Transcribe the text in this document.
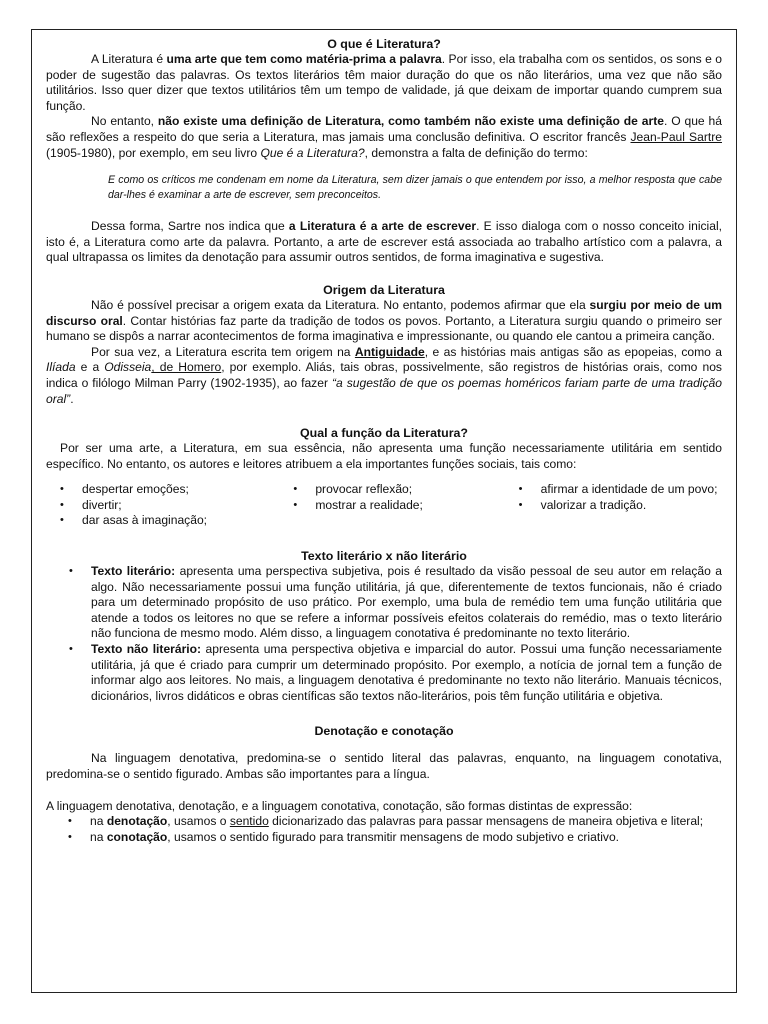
O que é Literatura?

A Literatura é uma arte que tem como matéria-prima a palavra. Por isso, ela trabalha com os sentidos, os sons e o poder de sugestão das palavras. Os textos literários têm maior duração do que os não literários, uma vez que não são utilitários. Isso quer dizer que textos utilitários têm um tempo de validade, já que deixam de importar quando cumprem sua função.

No entanto, não existe uma definição de Literatura, como também não existe uma definição de arte. O que há são reflexões a respeito do que seria a Literatura, mas jamais uma conclusão definitiva. O escritor francês Jean-Paul Sartre (1905-1980), por exemplo, em seu livro Que é a Literatura?, demonstra a falta de definição do termo:

E como os críticos me condenam em nome da Literatura, sem dizer jamais o que entendem por isso, a melhor resposta que cabe dar-lhes é examinar a arte de escrever, sem preconceitos.

Dessa forma, Sartre nos indica que a Literatura é a arte de escrever. E isso dialoga com o nosso conceito inicial, isto é, a Literatura como arte da palavra. Portanto, a arte de escrever está associada ao trabalho artístico com a palavra, a qual ultrapassa os limites da denotação para assumir outros sentidos, de forma imaginativa e sugestiva.

Origem da Literatura

Não é possível precisar a origem exata da Literatura. No entanto, podemos afirmar que ela surgiu por meio de um discurso oral. Contar histórias faz parte da tradição de todos os povos. Portanto, a Literatura surgiu quando o primeiro ser humano se dispôs a narrar acontecimentos de forma imaginativa e impressionante, ou quando ele cantou a primeira canção.

Por sua vez, a Literatura escrita tem origem na Antiguidade, e as histórias mais antigas são as epopeias, como a Ilíada e a Odisseia, de Homero, por exemplo. Aliás, tais obras, possivelmente, são registros de histórias orais, como nos indica o filólogo Milman Parry (1902-1935), ao fazer “a sugestão de que os poemas homéricos fariam parte de uma tradição oral”.

Qual a função da Literatura?

Por ser uma arte, a Literatura, em sua essência, não apresenta uma função necessariamente utilitária em sentido específico. No entanto, os autores e leitores atribuem a ela importantes funções sociais, tais como:

• despertar emoções;
• divertir;
• dar asas à imaginação;
• provocar reflexão;
• mostrar a realidade;
• afirmar a identidade de um povo;
• valorizar a tradição.
Texto literário x não literário
• Texto literário: apresenta uma perspectiva subjetiva, pois é resultado da visão pessoal de seu autor em relação a algo. Não necessariamente possui uma função utilitária, já que, diferentemente de textos funcionais, não é criado para um determinado propósito de uso prático. Por exemplo, uma bula de remédio tem uma função utilitária que atende a todos os leitores no que se refere a informar possíveis efeitos colaterais do remédio, mas o texto literário não funciona de mesmo modo. Além disso, a linguagem conotativa é predominante no texto literário.
• Texto não literário: apresenta uma perspectiva objetiva e imparcial do autor. Possui uma função necessariamente utilitária, já que é criado para cumprir um determinado propósito. Por exemplo, a notícia de jornal tem a função de informar algo aos leitores. No mais, a linguagem denotativa é predominante no texto não literário. Manuais técnicos, dicionários, livros didáticos e obras científicas são textos não-literários, pois têm função utilitária e objetiva.
Denotação e conotação

Na linguagem denotativa, predomina-se o sentido literal das palavras, enquanto, na linguagem conotativa, predomina-se o sentido figurado. Ambas são importantes para a língua.

A linguagem denotativa, denotação, e a linguagem conotativa, conotação, são formas distintas de expressão:

• na denotação, usamos o sentido dicionarizado das palavras para passar mensagens de maneira objetiva e literal;
• na conotação, usamos o sentido figurado para transmitir mensagens de modo subjetivo e criativo.
